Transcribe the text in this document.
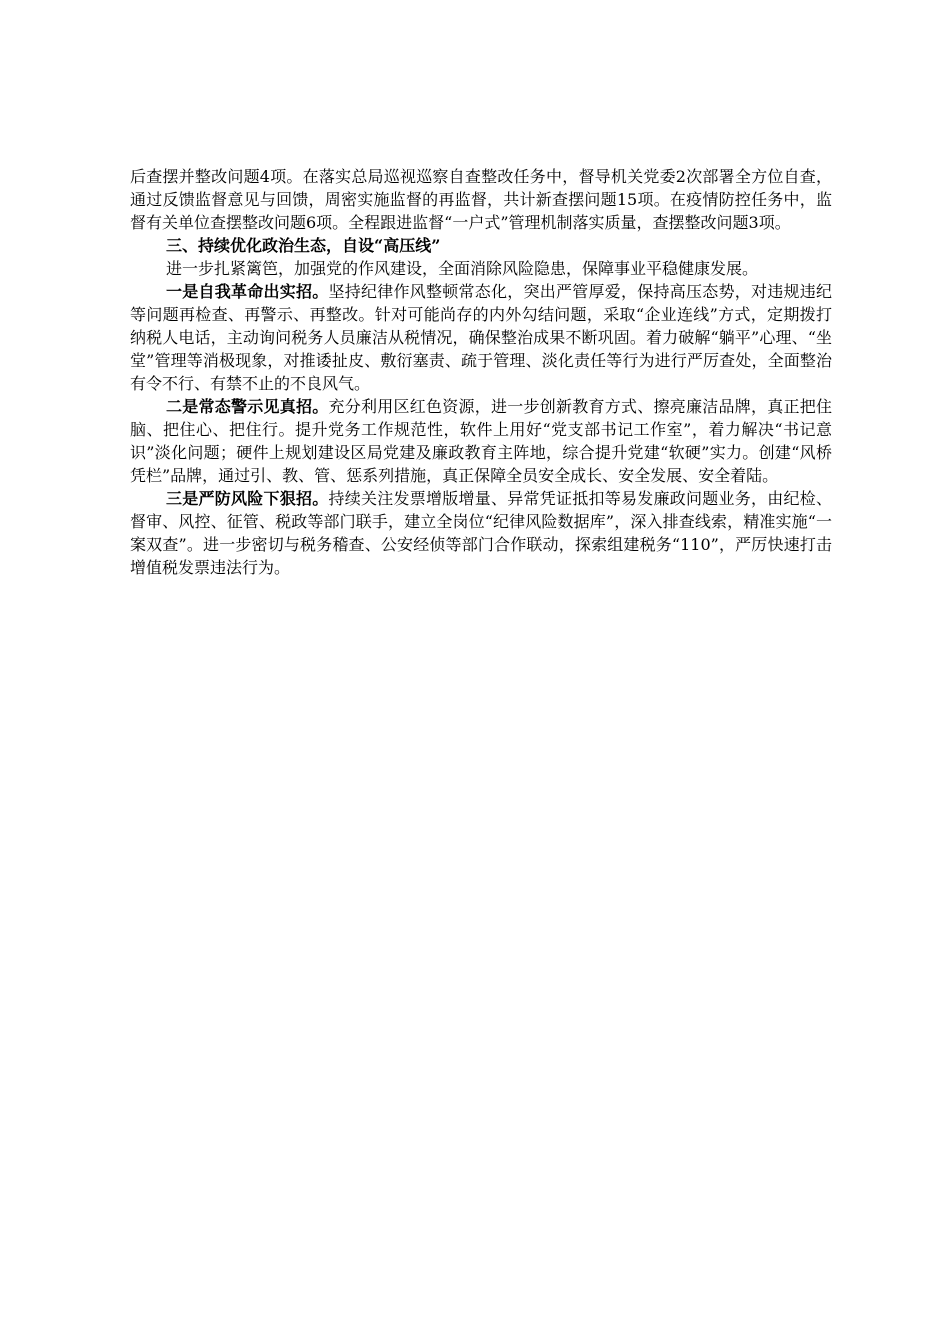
后查摆并整改问题4项。在落实总局巡视巡察自查整改任务中，督导机关党委2次部署全方位自查，通过反馈监督意见与回馈，周密实施监督的再监督，共计新查摆问题15项。在疫情防控任务中，监督有关单位查摆整改问题6项。全程跟进监督“一户式”管理机制落实质量，查摆整改问题3项。

三、持续优化政治生态，自设“高压线”

进一步扎紧篱笆，加强党的作风建设，全面消除风险隐患，保障事业平稳健康发展。

一是自我革命出实招。坚持纪律作风整顿常态化，突出严管厚爱，保持高压态势，对违规违纪等问题再检查、再警示、再整改。针对可能尚存的内外勾结问题，采取“企业连线”方式，定期拨打纳税人电话，主动询问税务人员廉洁从税情况，确保整治成果不断巩固。着力破解“躺平”心理、“坐堂”管理等消极现象，对推诿扯皮、敷衍塞责、疏于管理、淡化责任等行为进行严厉查处，全面整治有令不行、有禁不止的不良风气。

二是常态警示见真招。充分利用区红色资源，进一步创新教育方式、擦亮廉洁品牌，真正把住脑、把住心、把住行。提升党务工作规范性，软件上用好“党支部书记工作室”，着力解决“书记意识”淡化问题；硬件上规划建设区局党建及廉政教育主阵地，综合提升党建“软硬”实力。创建“风桥凭栏”品牌，通过引、教、管、惩系列措施，真正保障全员安全成长、安全发展、安全着陆。

三是严防风险下狠招。持续关注发票增版增量、异常凭证抵扣等易发廉政问题业务，由纪检、督审、风控、征管、税政等部门联手，建立全岗位“纪律风险数据库”，深入排查线索，精准实施“一案双查”。进一步密切与税务稽查、公安经侦等部门合作联动，探索组建税务“110”，严厉快速打击增值税发票违法行为。
